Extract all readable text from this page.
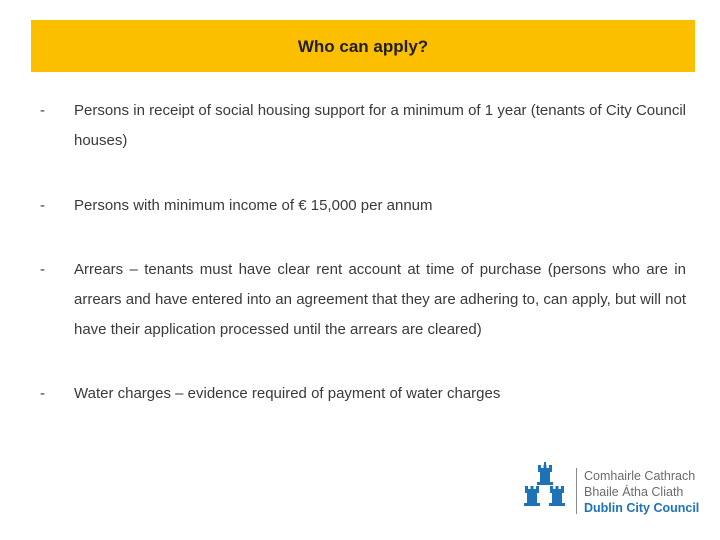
Who can apply?
- Persons in receipt of social housing support for a minimum of 1 year (tenants of City Council houses)
- Persons with minimum income of € 15,000 per annum
- Arrears – tenants must have clear rent account at time of purchase (persons who are in arrears and have entered into an agreement that they are adhering to, can apply, but will not have their application processed until the arrears are cleared)
- Water charges – evidence required of payment of water charges
Comhairle Cathrach
Bhaile Átha Cliath
Dublin City Council
